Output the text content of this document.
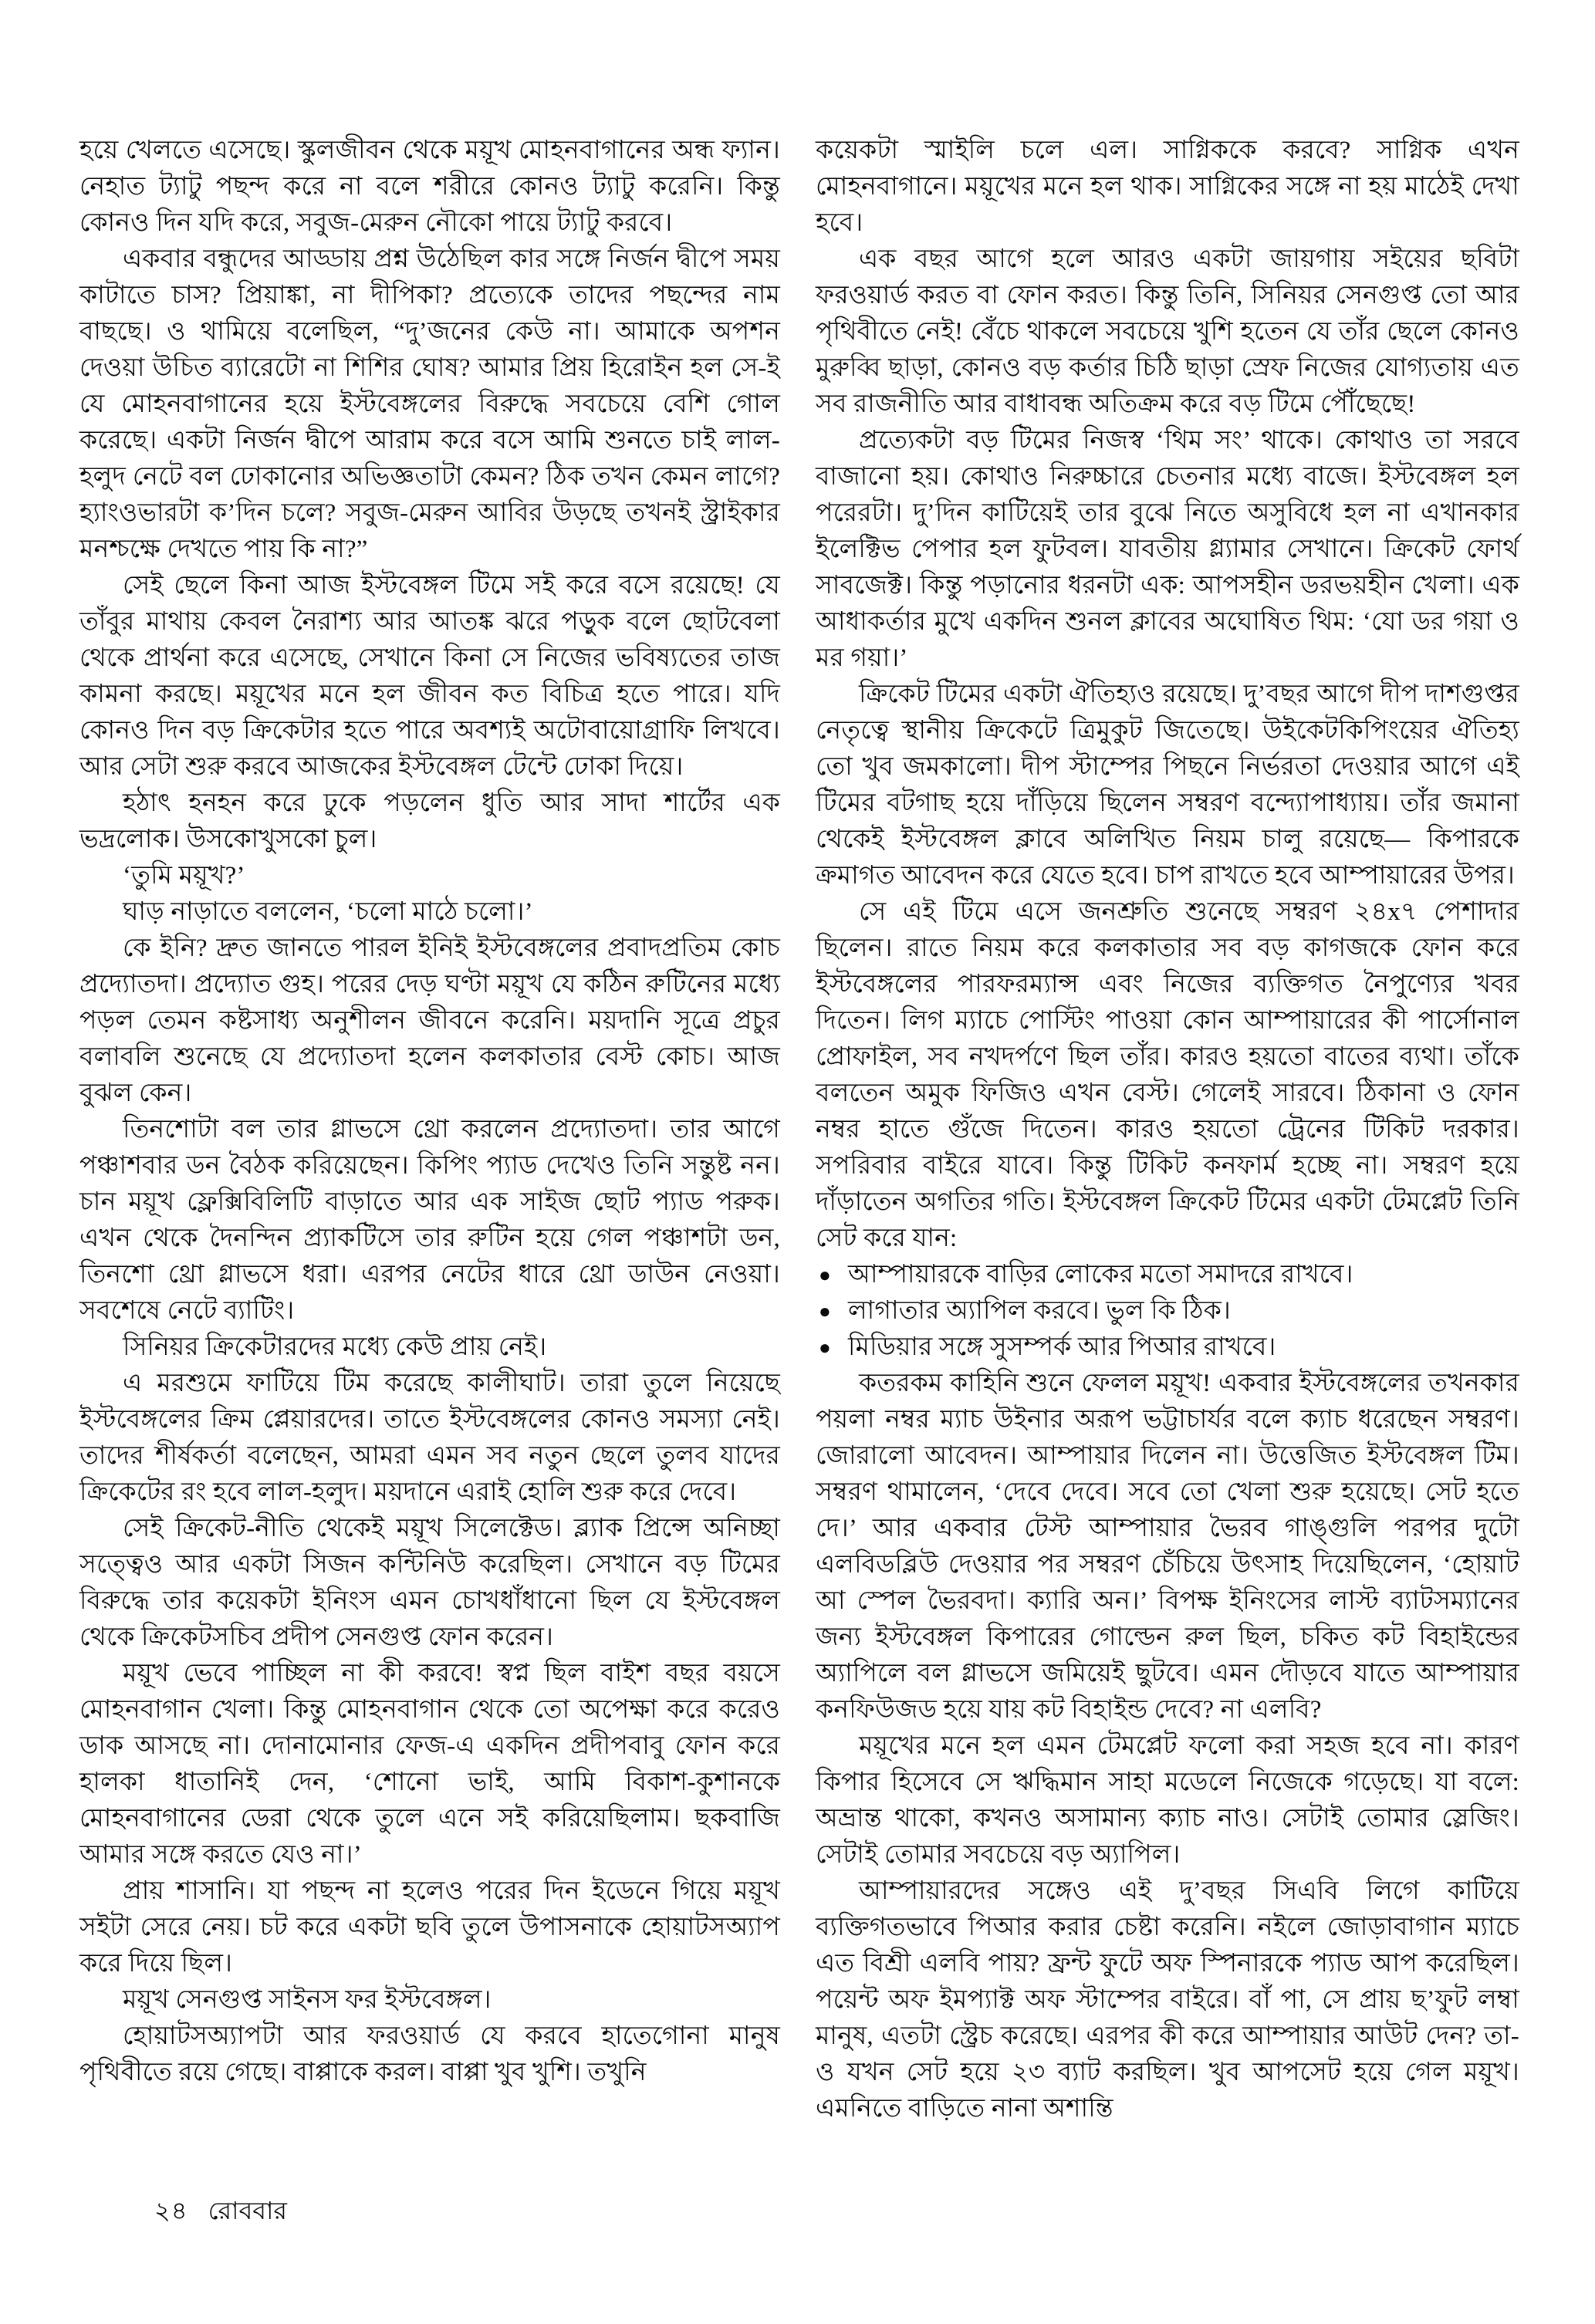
হয়ে খেলতে এসেছে। স্কুলজীবন থেকে ময়ূখ মোহনবাগানের অন্ধ ফ্যান। নেহাত ট্যাটু পছন্দ করে না বলে শরীরে কোনও ট্যাটু করেনি। কিন্তু কোনও দিন যদি করে, সবুজ-মেরুন নৌকো পায়ে ট্যাটু করবে।

একবার বন্ধুদের আড্ডায় প্রশ্ন উঠেছিল কার সঙ্গে নির্জন দ্বীপে সময় কাটাতে চাস? প্রিয়াঙ্কা, না দীপিকা? প্রত্যেকে তাদের পছন্দের নাম বাছছে। ও থামিয়ে বলেছিল, “দু’জনের কেউ না। আমাকে অপশন দেওয়া উচিত ব্যারেটো না শিশির ঘোষ? আমার প্রিয় হিরোইন হল সে-ই যে মোহনবাগানের হয়ে ইস্টবেঙ্গলের বিরুদ্ধে সবচেয়ে বেশি গোল করেছে। একটা নির্জন দ্বীপে আরাম করে বসে আমি শুনতে চাই লাল-হলুদ নেটে বল ঢোকানোর অভিজ্ঞতাটা কেমন? ঠিক তখন কেমন লাগে? হ্যাংওভারটা ক’দিন চলে? সবুজ-মেরুন আবির উড়ছে তখনই স্ট্রাইকার মনশ্চক্ষে দেখতে পায় কি না?”

সেই ছেলে কিনা আজ ইস্টবেঙ্গল টিমে সই করে বসে রয়েছে! যে তাঁবুর মাথায় কেবল নৈরাশ্য আর আতঙ্ক ঝরে পড়ুক বলে ছোটবেলা থেকে প্রার্থনা করে এসেছে, সেখানে কিনা সে নিজের ভবিষ্যতের তাজ কামনা করছে। ময়ূখের মনে হল জীবন কত বিচিত্র হতে পারে। যদি কোনও দিন বড় ক্রিকেটার হতে পারে অবশ্যই অটোবায়োগ্রাফি লিখবে। আর সেটা শুরু করবে আজকের ইস্টবেঙ্গল টেন্টে ঢোকা দিয়ে।

হঠাৎ হনহন করে ঢুকে পড়লেন ধুতি আর সাদা শার্টের এক ভদ্রলোক। উসকোখুসকো চুল।

‘তুমি ময়ূখ?’

ঘাড় নাড়াতে বললেন, ‘চলো মাঠে চলো।’

কে ইনি? দ্রুত জানতে পারল ইনিই ইস্টবেঙ্গলের প্রবাদপ্রতিম কোচ প্রদ্যোতদা। প্রদ্যোত গুহ। পরের দেড় ঘণ্টা ময়ূখ যে কঠিন রুটিনের মধ্যে পড়ল তেমন কষ্টসাধ্য অনুশীলন জীবনে করেনি। ময়দানি সূত্রে প্রচুর বলাবলি শুনেছে যে প্রদ্যোতদা হলেন কলকাতার বেস্ট কোচ। আজ বুঝল কেন।

তিনশোটা বল তার গ্লাভসে থ্রো করলেন প্রদ্যোতদা। তার আগে পঞ্চাশবার ডন বৈঠক করিয়েছেন। কিপিং প্যাড দেখেও তিনি সন্তুষ্ট নন। চান ময়ূখ ফ্লেক্সিবিলিটি বাড়াতে আর এক সাইজ ছোট প্যাড পরুক। এখন থেকে দৈনন্দিন প্র্যাকটিসে তার রুটিন হয়ে গেল পঞ্চাশটা ডন, তিনশো থ্রো গ্লাভসে ধরা। এরপর নেটের ধারে থ্রো ডাউন নেওয়া। সবশেষে নেটে ব্যাটিং।

সিনিয়র ক্রিকেটারদের মধ্যে কেউ প্রায় নেই।

এ মরশুমে ফাটিয়ে টিম করেছে কালীঘাট। তারা তুলে নিয়েছে ইস্টবেঙ্গলের ক্রিম প্লেয়ারদের। তাতে ইস্টবেঙ্গলের কোনও সমস্যা নেই। তাদের শীর্ষকর্তা বলেছেন, আমরা এমন সব নতুন ছেলে তুলব যাদের ক্রিকেটের রং হবে লাল-হলুদ। ময়দানে এরাই হোলি শুরু করে দেবে।

সেই ক্রিকেট-নীতি থেকেই ময়ূখ সিলেক্টেড। ব্ল্যাক প্রিন্সে অনিচ্ছা সত্ত্বেও আর একটা সিজন কন্টিনিউ করেছিল। সেখানে বড় টিমের বিরুদ্ধে তার কয়েকটা ইনিংস এমন চোখধাঁধানো ছিল যে ইস্টবেঙ্গল থেকে ক্রিকেটসচিব প্রদীপ সেনগুপ্ত ফোন করেন।

ময়ূখ ভেবে পাচ্ছিল না কী করবে! স্বপ্ন ছিল বাইশ বছর বয়সে মোহনবাগান খেলা। কিন্তু মোহনবাগান থেকে তো অপেক্ষা করে করেও ডাক আসছে না। দোনামোনার ফেজ-এ একদিন প্রদীপবাবু ফোন করে হালকা ধাতানিই দেন, ‘শোনো ভাই, আমি বিকাশ-কুশানকে মোহনবাগানের ডেরা থেকে তুলে এনে সই করিয়েছিলাম। ছকবাজি আমার সঙ্গে করতে যেও না।’

প্রায় শাসানি। যা পছন্দ না হলেও পরের দিন ইডেনে গিয়ে ময়ূখ সইটা সেরে নেয়। চট করে একটা ছবি তুলে উপাসনাকে হোয়াটসঅ্যাপ করে দিয়ে ছিল।

ময়ূখ সেনগুপ্ত সাইনস ফর ইস্টবেঙ্গল।

হোয়াটসঅ্যাপটা আর ফরওয়ার্ড যে করবে হাতেগোনা মানুষ পৃথিবীতে রয়ে গেছে। বাপ্পাকে করল। বাপ্পা খুব খুশি। তখুনি

কয়েকটা স্মাইলি চলে এল। সাগ্নিককে করবে? সাগ্নিক এখন মোহনবাগানে। ময়ূখের মনে হল থাক। সাগ্নিকের সঙ্গে না হয় মাঠেই দেখা হবে।

এক বছর আগে হলে আরও একটা জায়গায় সইয়ের ছবিটা ফরওয়ার্ড করত বা ফোন করত। কিন্তু তিনি, সিনিয়র সেনগুপ্ত তো আর পৃথিবীতে নেই! বেঁচে থাকলে সবচেয়ে খুশি হতেন যে তাঁর ছেলে কোনও মুরুব্বি ছাড়া, কোনও বড় কর্তার চিঠি ছাড়া স্রেফ নিজের যোগ্যতায় এত সব রাজনীতি আর বাধাবন্ধ অতিক্রম করে বড় টিমে পৌঁছেছে!

প্রত্যেকটা বড় টিমের নিজস্ব ‘থিম সং’ থাকে। কোথাও তা সরবে বাজানো হয়। কোথাও নিরুচ্চারে চেতনার মধ্যে বাজে। ইস্টবেঙ্গল হল পরেরটা। দু’দিন কাটিয়েই তার বুঝে নিতে অসুবিধে হল না এখানকার ইলেক্টিভ পেপার হল ফুটবল। যাবতীয় গ্ল্যামার সেখানে। ক্রিকেট ফোর্থ সাবজেক্ট। কিন্তু পড়ানোর ধরনটা এক: আপসহীন ডরভয়হীন খেলা। এক আধাকর্তার মুখে একদিন শুনল ক্লাবের অঘোষিত থিম: ‘যো ডর গয়া ও মর গয়া।’

ক্রিকেট টিমের একটা ঐতিহ্যও রয়েছে। দু’বছর আগে দীপ দাশগুপ্তর নেতৃত্বে স্থানীয় ক্রিকেটে ত্রিমুকুট জিতেছে। উইকেটকিপিংয়ের ঐতিহ্য তো খুব জমকালো। দীপ স্টাম্পের পিছনে নির্ভরতা দেওয়ার আগে এই টিমের বটগাছ হয়ে দাঁড়িয়ে ছিলেন সম্বরণ বন্দ্যোপাধ্যায়। তাঁর জমানা থেকেই ইস্টবেঙ্গল ক্লাবে অলিখিত নিয়ম চালু রয়েছে— কিপারকে ক্রমাগত আবেদন করে যেতে হবে। চাপ রাখতে হবে আম্পায়ারের উপর।

সে এই টিমে এসে জনশ্রুতি শুনেছে সম্বরণ ২৪x৭ পেশাদার ছিলেন। রাতে নিয়ম করে কলকাতার সব বড় কাগজকে ফোন করে ইস্টবেঙ্গলের পারফরম্যান্স এবং নিজের ব্যক্তিগত নৈপুণ্যের খবর দিতেন। লিগ ম্যাচে পোস্টিং পাওয়া কোন আম্পায়ারের কী পার্সোনাল প্রোফাইল, সব নখদর্পণে ছিল তাঁর। কারও হয়তো বাতের ব্যথা। তাঁকে বলতেন অমুক ফিজিও এখন বেস্ট। গেলেই সারবে। ঠিকানা ও ফোন নম্বর হাতে গুঁজে দিতেন। কারও হয়তো ট্রেনের টিকিট দরকার। সপরিবার বাইরে যাবে। কিন্তু টিকিট কনফার্ম হচ্ছে না। সম্বরণ হয়ে দাঁড়াতেন অগতির গতি। ইস্টবেঙ্গল ক্রিকেট টিমের একটা টেমপ্লেট তিনি সেট করে যান:

● আম্পায়ারকে বাড়ির লোকের মতো সমাদরে রাখবে।

● লাগাতার অ্যাপিল করবে। ভুল কি ঠিক।

● মিডিয়ার সঙ্গে সুসম্পর্ক আর পিআর রাখবে।

কতরকম কাহিনি শুনে ফেলল ময়ূখ! একবার ইস্টবেঙ্গলের তখনকার পয়লা নম্বর ম্যাচ উইনার অরূপ ভট্টাচার্যর বলে ক্যাচ ধরেছেন সম্বরণ। জোরালো আবেদন। আম্পায়ার দিলেন না। উত্তেজিত ইস্টবেঙ্গল টিম। সম্বরণ থামালেন, ‘দেবে দেবে। সবে তো খেলা শুরু হয়েছে। সেট হতে দে।’ আর একবার টেস্ট আম্পায়ার ভৈরব গাঙ্গুলি পরপর দুটো এলবিডব্লিউ দেওয়ার পর সম্বরণ চেঁচিয়ে উৎসাহ দিয়েছিলেন, ‘হোয়াট আ স্পেল ভৈরবদা। ক্যারি অন।’ বিপক্ষ ইনিংসের লাস্ট ব্যাটসম্যানের জন্য ইস্টবেঙ্গল কিপারের গোল্ডেন রুল ছিল, চকিত কট বিহাইন্ডের অ্যাপিলে বল গ্লাভসে জমিয়েই ছুটবে। এমন দৌড়বে যাতে আম্পায়ার কনফিউজড হয়ে যায় কট বিহাইন্ড দেবে? না এলবি?

ময়ূখের মনে হল এমন টেমপ্লেট ফলো করা সহজ হবে না। কারণ কিপার হিসেবে সে ঋদ্ধিমান সাহা মডেলে নিজেকে গড়েছে। যা বলে: অভ্রান্ত থাকো, কখনও অসামান্য ক্যাচ নাও। সেটাই তোমার স্লেজিং। সেটাই তোমার সবচেয়ে বড় অ্যাপিল।

আম্পায়ারদের সঙ্গেও এই দু’বছর সিএবি লিগে কাটিয়ে ব্যক্তিগতভাবে পিআর করার চেষ্টা করেনি। নইলে জোড়াবাগান ম্যাচে এত বিশ্রী এলবি পায়? ফ্রন্ট ফুটে অফ স্পিনারকে প্যাড আপ করেছিল। পয়েন্ট অফ ইমপ্যাক্ট অফ স্টাম্পের বাইরে। বাঁ পা, সে প্রায় ছ’ফুট লম্বা মানুষ, এতটা স্ট্রেচ করেছে। এরপর কী করে আম্পায়ার আউট দেন? তা-ও যখন সেট হয়ে ২৩ ব্যাট করছিল। খুব আপসেট হয়ে গেল ময়ূখ। এমনিতে বাড়িতে নানা অশান্তি

২৪ রোববার
